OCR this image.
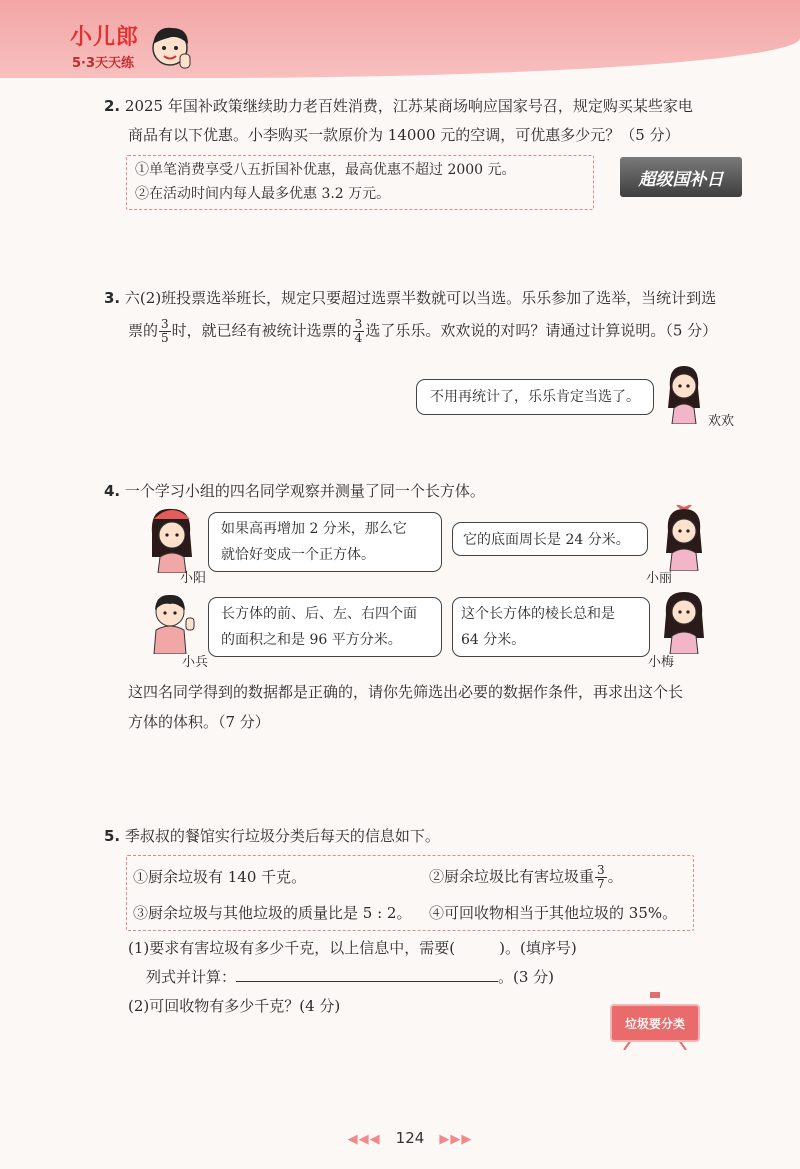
小儿郎
5·3天天练
2. 2025 年国补政策继续助力老百姓消费，江苏某商场响应国家号召，规定购买某些家电
商品有以下优惠。小李购买一款原价为 14000 元的空调，可优惠多少元？（5 分）
①单笔消费享受八五折国补优惠，最高优惠不超过 2000 元。
②在活动时间内每人最多优惠 3.2 万元。
超级国补日
3. 六(2)班投票选举班长，规定只要超过选票半数就可以当选。乐乐参加了选举，当统计到选
票的 $\frac{3}{5}$ 时，就已经有被统计选票的 $\frac{3}{4}$ 选了乐乐。欢欢说的对吗？请通过计算说明。（5 分）
不用再统计了，乐乐肯定当选了。
欢欢
4. 一个学习小组的四名同学观察并测量了同一个长方体。
小阳
如果高再增加 2 分米，那么它
就恰好变成一个正方体。
它的底面周长是 24 分米。
小丽
小兵
长方体的前、后、左、右四个面
的面积之和是 96 平方分米。
这个长方体的棱长总和是
64 分米。
小梅
这四名同学得到的数据都是正确的，请你先筛选出必要的数据作条件，再求出这个长
方体的体积。（7 分）
5. 季叔叔的餐馆实行垃圾分类后每天的信息如下。
①厨余垃圾有 140 千克。	②厨余垃圾比有害垃圾重 $\frac{3}{7}$ 。
③厨余垃圾与其他垃圾的质量比是 5 : 2。 ④可回收物相当于其他垃圾的 35%。
(1)要求有害垃圾有多少千克，以上信息中，需要(	)。(填序号)
列式并计算：	。(3 分)
(2)可回收物有多少千克？(4 分)
垃圾要分类
◀◀◀ 124 ▶▶▶
